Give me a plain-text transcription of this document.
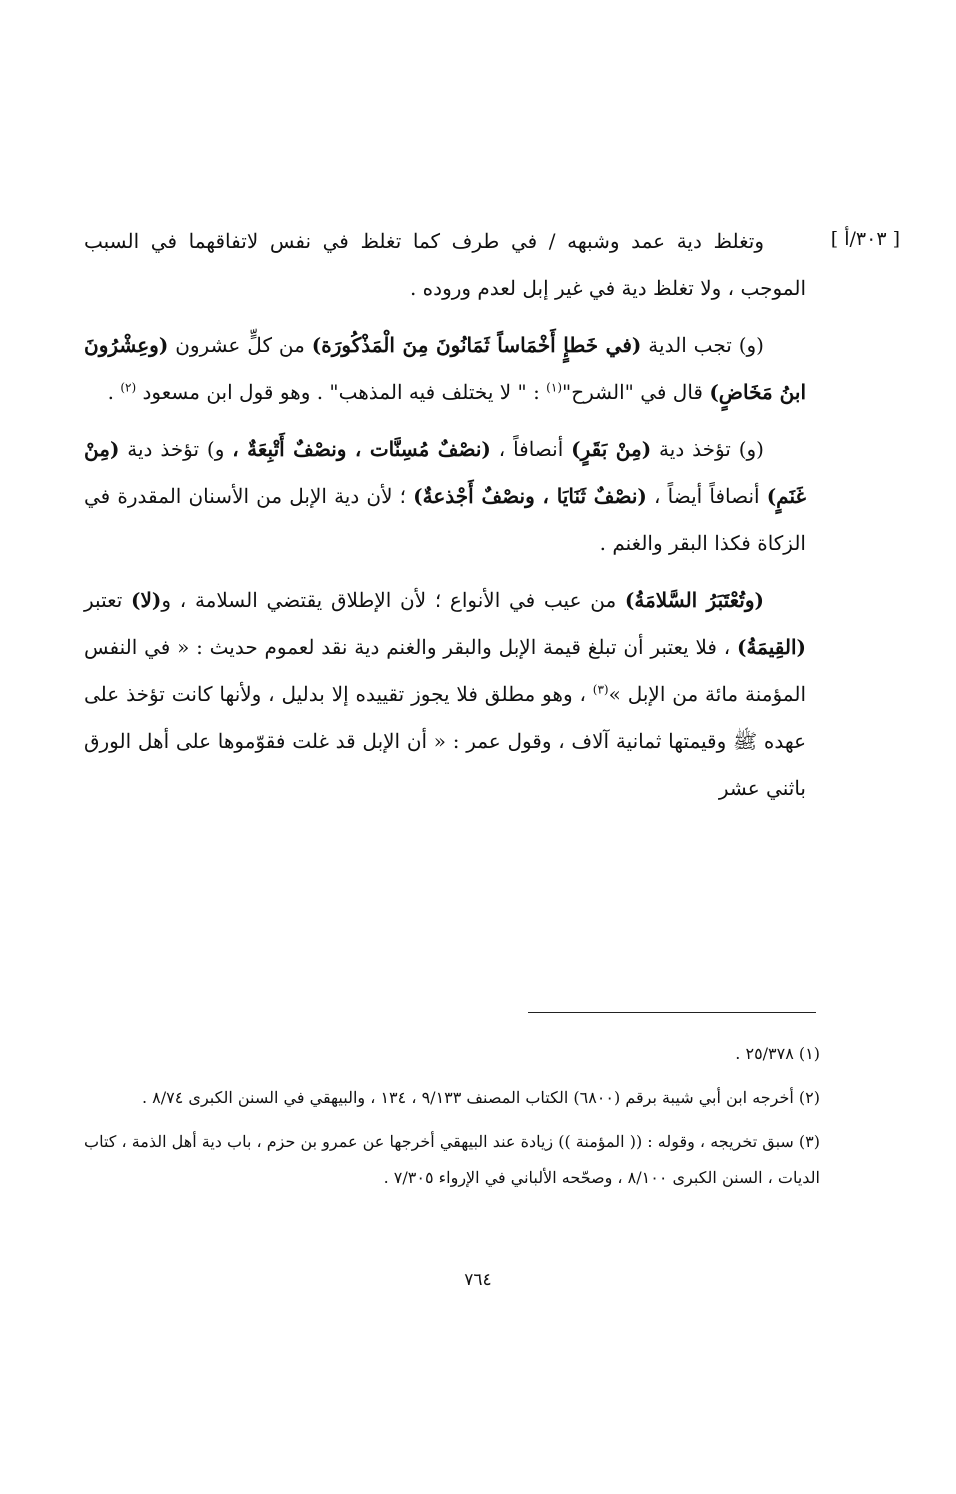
[ ٣٠٣/أ ]

وتغلظ دية عمد وشبهه / في طرف كما تغلظ في نفس لاتفاقهما في السبب الموجب ، ولا تغلظ دية في غير إبل لعدم وروده .

(و) تجب الدية (في خَطإٍ أَخْمَاساً ثَمَانُونَ مِنَ الْمَذْكُورَة) من كلٍّ عشرون (وعِشْرُونَ ابنُ مَخَاضٍ) قال في "الشرح"$^{(١)}$ : " لا يختلف فيه المذهب" . وهو قول ابن مسعود $^{(٢)}$ .

(و) تؤخذ دية (مِنْ بَقَرٍ) أنصافاً ، (نصْفٌ مُسِنَّات ، ونصْفٌ أَتْبِعَةٌ ، و) تؤخذ دية (مِنْ غَنَمٍ) أنصافاً أيضاً ، (نصْفٌ ثَنَايَا ، ونصْفٌ أَجْذعةٌ) ؛ لأن دية الإبل من الأسنان المقدرة في الزكاة فكذا البقر والغنم .

(وتُعْتَبَرُ السَّلامَةُ) من عيب في الأنواع ؛ لأن الإطلاق يقتضي السلامة ، و(لا) تعتبر (القِيمَةُ) ، فلا يعتبر أن تبلغ قيمة الإبل والبقر والغنم دية نقد لعموم حديث : « في النفس المؤمنة مائة من الإبل »$^{(٣)}$ ، وهو مطلق فلا يجوز تقييده إلا بدليل ، ولأنها كانت تؤخذ على عهده ﷺ وقيمتها ثمانية آلاف ، وقول عمر : « أن الإبل قد غلت فقوّموها على أهل الورق باثني عشر

(١) ٢٥/٣٧٨ .

(٢) أخرجه ابن أبي شيبة برقم (٦٨٠٠) الكتاب المصنف ٩/١٣٣ ، ١٣٤ ، والبيهقي في السنن الكبرى ٨/٧٤ .

(٣) سبق تخريجه ، وقوله : (( المؤمنة )) زيادة عند البيهقي أخرجها عن عمرو بن حزم ، باب دية أهل الذمة ، كتاب الديات ، السنن الكبرى ٨/١٠٠ ، وصحّحه الألباني في الإرواء ٧/٣٠٥ .

٧٦٤
